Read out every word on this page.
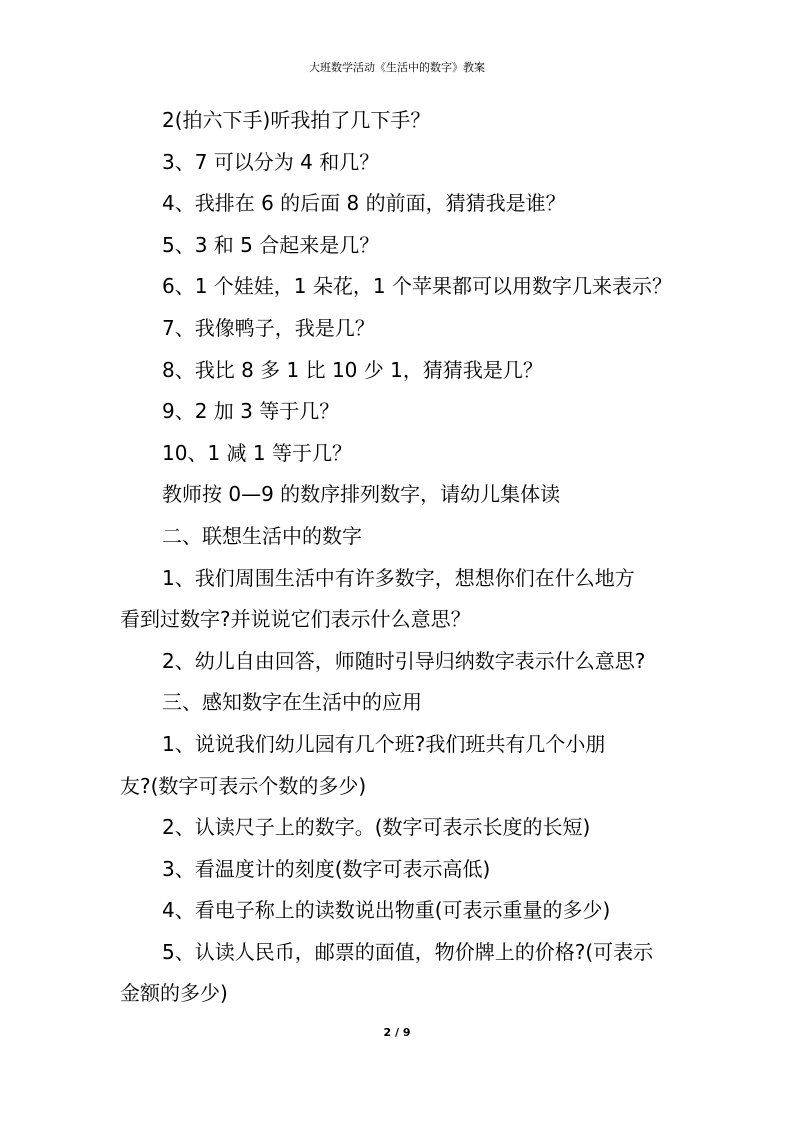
大班数学活动《生活中的数字》教案

2(拍六下手)听我拍了几下手？

3、7 可以分为 4 和几？

4、我排在 6 的后面 8 的前面，猜猜我是谁？

5、3 和 5 合起来是几？

6、1 个娃娃，1 朵花，1 个苹果都可以用数字几来表示？

7、我像鸭子，我是几？

8、我比 8 多 1 比 10 少 1，猜猜我是几？

9、2 加 3 等于几？

10、1 减 1 等于几？

教师按 0—9 的数序排列数字，请幼儿集体读

二、联想生活中的数字

1、我们周围生活中有许多数字，想想你们在什么地方

看到过数字?并说说它们表示什么意思？

2、幼儿自由回答，师随时引导归纳数字表示什么意思?

三、感知数字在生活中的应用

1、说说我们幼儿园有几个班?我们班共有几个小朋

友?(数字可表示个数的多少)

2、认读尺子上的数字。(数字可表示长度的长短)

3、看温度计的刻度(数字可表示高低)

4、看电子称上的读数说出物重(可表示重量的多少)

5、认读人民币，邮票的面值，物价牌上的价格?(可表示

金额的多少)

2 / 9
